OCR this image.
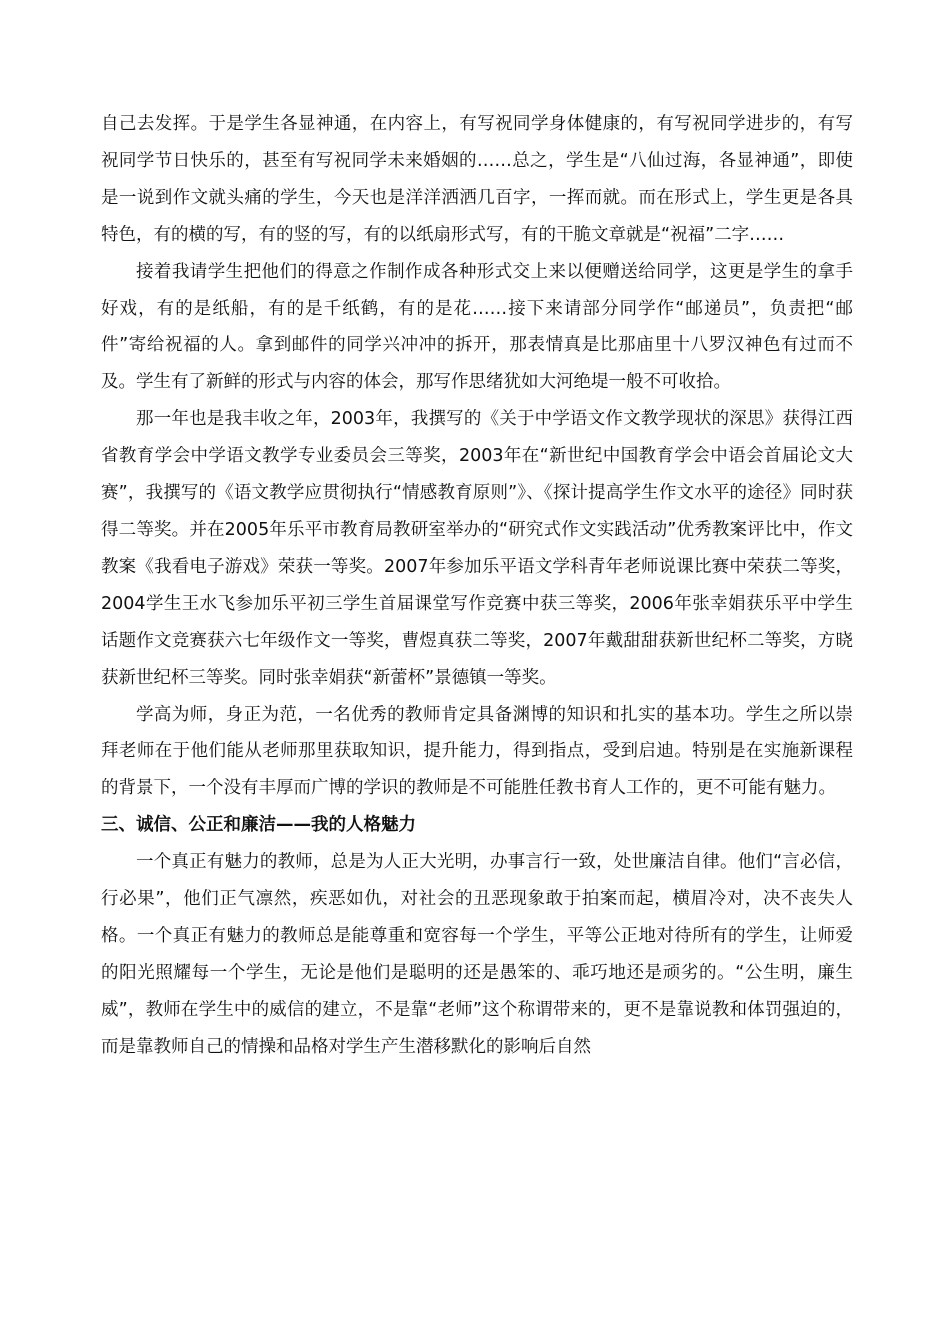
自己去发挥。于是学生各显神通，在内容上，有写祝同学身体健康的，有写祝同学进步的，有写祝同学节日快乐的，甚至有写祝同学未来婚姻的……总之，学生是“八仙过海，各显神通”，即使是一说到作文就头痛的学生，今天也是洋洋洒洒几百字，一挥而就。而在形式上，学生更是各具特色，有的横的写，有的竖的写，有的以纸扇形式写，有的干脆文章就是“祝福”二字……

接着我请学生把他们的得意之作制作成各种形式交上来以便赠送给同学，这更是学生的拿手好戏，有的是纸船，有的是千纸鹤，有的是花……接下来请部分同学作“邮递员”，负责把“邮件”寄给祝福的人。拿到邮件的同学兴冲冲的拆开，那表情真是比那庙里十八罗汉神色有过而不及。学生有了新鲜的形式与内容的体会，那写作思绪犹如大河绝堤一般不可收拾。

那一年也是我丰收之年，2003年，我撰写的《关于中学语文作文教学现状的深思》获得江西省教育学会中学语文教学专业委员会三等奖，2003年在“新世纪中国教育学会中语会首届论文大赛”，我撰写的《语文教学应贯彻执行“情感教育原则”》、《探计提高学生作文水平的途径》同时获得二等奖。并在2005年乐平市教育局教研室举办的“研究式作文实践活动”优秀教案评比中，作文教案《我看电子游戏》荣获一等奖。2007年参加乐平语文学科青年老师说课比赛中荣获二等奖，2004学生王水飞参加乐平初三学生首届课堂写作竞赛中获三等奖，2006年张幸娟获乐平中学生话题作文竞赛获六七年级作文一等奖，曹煜真获二等奖，2007年戴甜甜获新世纪杯二等奖，方晓获新世纪杯三等奖。同时张幸娟获“新蕾杯”景德镇一等奖。

学高为师，身正为范，一名优秀的教师肯定具备渊博的知识和扎实的基本功。学生之所以崇拜老师在于他们能从老师那里获取知识，提升能力，得到指点，受到启迪。特别是在实施新课程的背景下，一个没有丰厚而广博的学识的教师是不可能胜任教书育人工作的，更不可能有魅力。

三、诚信、公正和廉洁——我的人格魅力

一个真正有魅力的教师，总是为人正大光明，办事言行一致，处世廉洁自律。他们“言必信，行必果”，他们正气凛然，疾恶如仇，对社会的丑恶现象敢于拍案而起，横眉冷对，决不丧失人格。一个真正有魅力的教师总是能尊重和宽容每一个学生，平等公正地对待所有的学生，让师爱的阳光照耀每一个学生，无论是他们是聪明的还是愚笨的、乖巧地还是顽劣的。“公生明，廉生威”，教师在学生中的威信的建立，不是靠“老师”这个称谓带来的，更不是靠说教和体罚强迫的，而是靠教师自己的情操和品格对学生产生潜移默化的影响后自然
